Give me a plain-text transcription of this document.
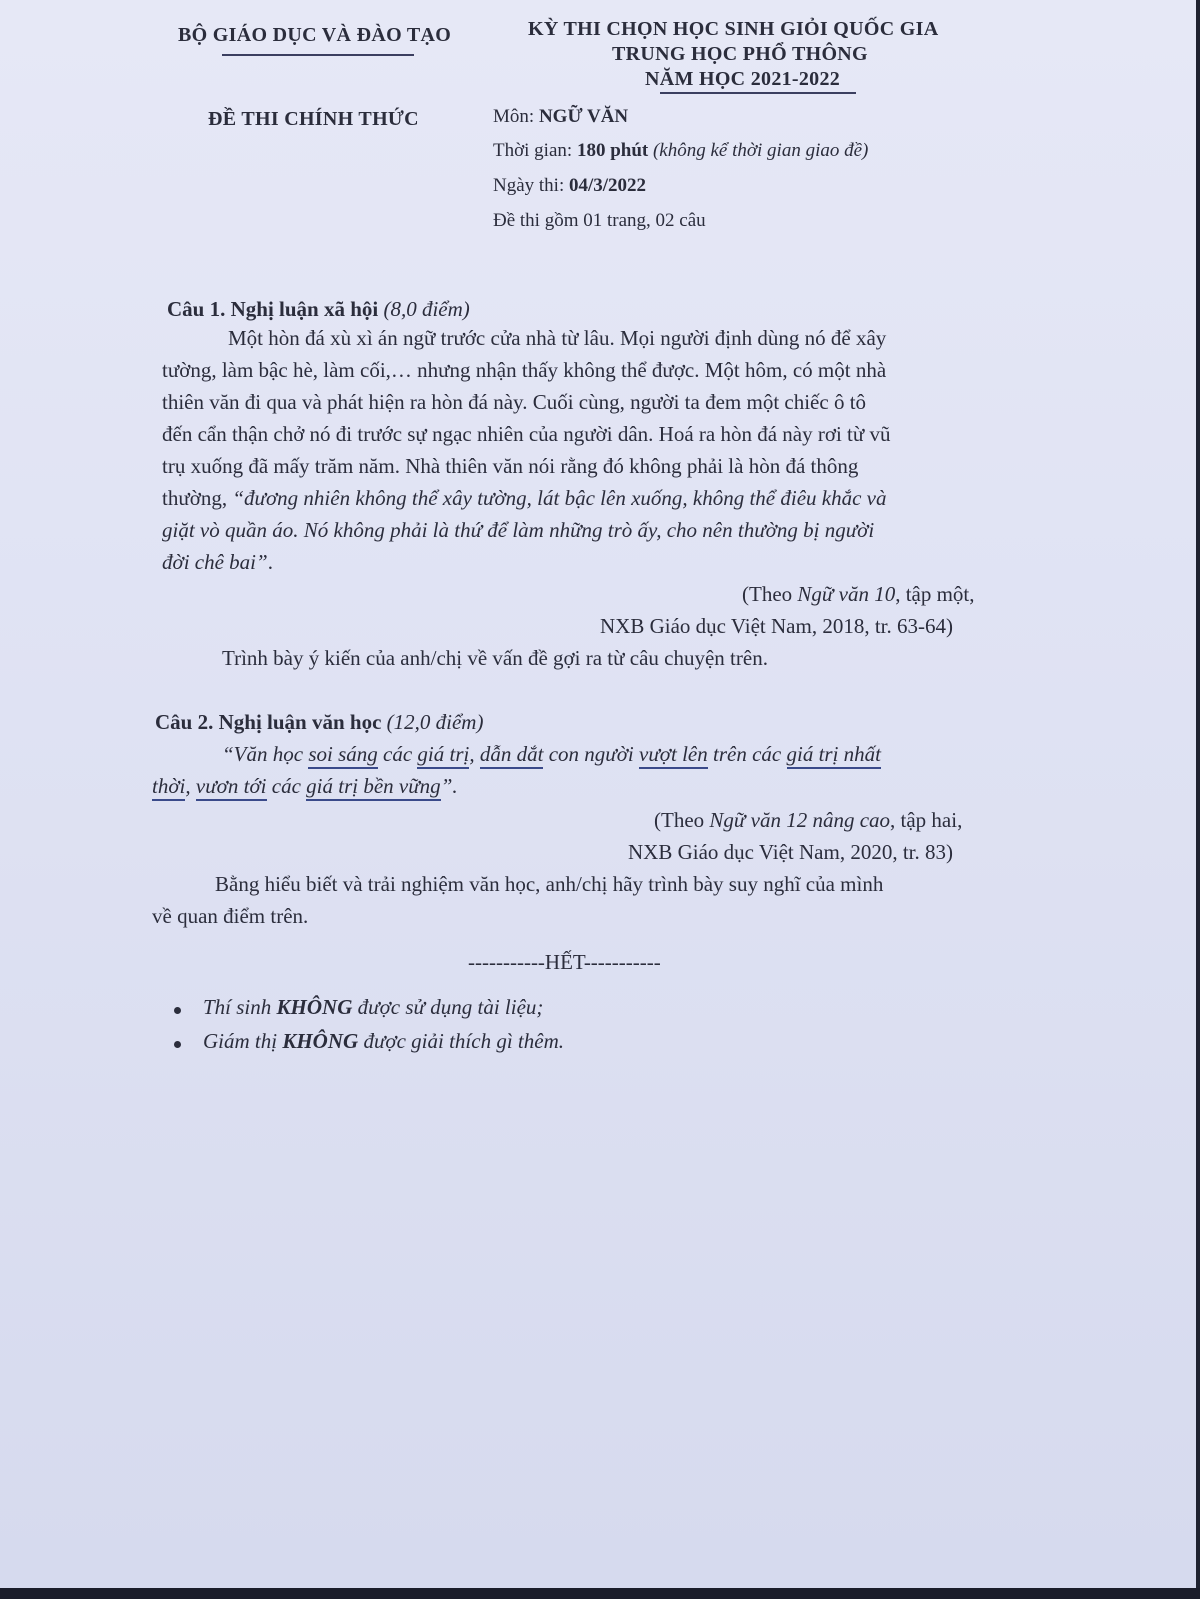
BỘ GIÁO DỤC VÀ ĐÀO TẠO	KỲ THI CHỌN HỌC SINH GIỎI QUỐC GIA
TRUNG HỌC PHỔ THÔNG
NĂM HỌC 2021-2022
ĐỀ THI CHÍNH THỨC	Môn: NGỮ VĂN
Thời gian: 180 phút (không kể thời gian giao đề)
Ngày thi: 04/3/2022
Đề thi gồm 01 trang, 02 câu
Câu 1. Nghị luận xã hội (8,0 điểm)
Một hòn đá xù xì án ngữ trước cửa nhà từ lâu. Mọi người định dùng nó để xây
tường, làm bậc hè, làm cối,… nhưng nhận thấy không thể được. Một hôm, có một nhà
thiên văn đi qua và phát hiện ra hòn đá này. Cuối cùng, người ta đem một chiếc ô tô
đến cẩn thận chở nó đi trước sự ngạc nhiên của người dân. Hoá ra hòn đá này rơi từ vũ
trụ xuống đã mấy trăm năm. Nhà thiên văn nói rằng đó không phải là hòn đá thông
thường, “đương nhiên không thể xây tường, lát bậc lên xuống, không thể điêu khắc và
giặt vò quần áo. Nó không phải là thứ để làm những trò ấy, cho nên thường bị người
đời chê bai”.
(Theo Ngữ văn 10, tập một,
NXB Giáo dục Việt Nam, 2018, tr. 63-64)
Trình bày ý kiến của anh/chị về vấn đề gợi ra từ câu chuyện trên.
Câu 2. Nghị luận văn học (12,0 điểm)
“Văn học soi sáng các giá trị, dẫn dắt con người vượt lên trên các giá trị nhất
thời, vươn tới các giá trị bền vững”.
(Theo Ngữ văn 12 nâng cao, tập hai,
NXB Giáo dục Việt Nam, 2020, tr. 83)
Bằng hiểu biết và trải nghiệm văn học, anh/chị hãy trình bày suy nghĩ của mình
về quan điểm trên.
-----------HẾT-----------
Thí sinh KHÔNG được sử dụng tài liệu;
Giám thị KHÔNG được giải thích gì thêm.
